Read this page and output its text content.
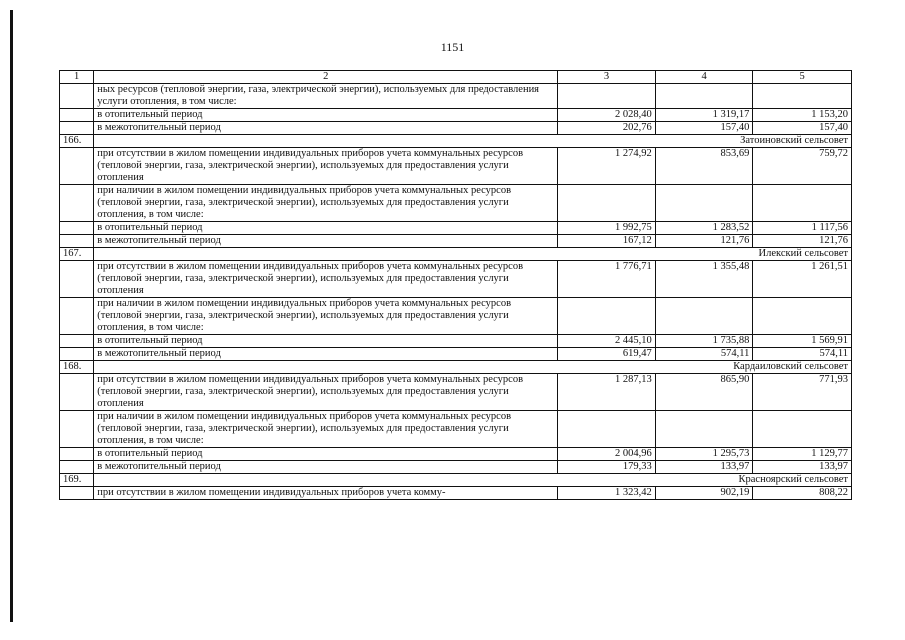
1151
1	2	3	4	5
	ных ресурсов (тепловой энергии, газа, электрической энергии), используемых для предоставления услуги отопления, в том числе:			
	в отопительный период	2 028,40	1 319,17	1 153,20
	в межотопительный период	202,76	157,40	157,40
166.	Затоиновский сельсовет			
	при отсутствии в жилом помещении индивидуальных приборов учета коммунальных ресурсов (тепловой энергии, газа, электрической энергии), используемых для предоставления услуги отопления	1 274,92	853,69	759,72
	при наличии в жилом помещении индивидуальных приборов учета коммунальных ресурсов (тепловой энергии, газа, электрической энергии), используемых для предоставления услуги отопления, в том числе:			
	в отопительный период	1 992,75	1 283,52	1 117,56
	в межотопительный период	167,12	121,76	121,76
167.	Илекский сельсовет			
	при отсутствии в жилом помещении индивидуальных приборов учета коммунальных ресурсов (тепловой энергии, газа, электрической энергии), используемых для предоставления услуги отопления	1 776,71	1 355,48	1 261,51
	при наличии в жилом помещении индивидуальных приборов учета коммунальных ресурсов (тепловой энергии, газа, электрической энергии), используемых для предоставления услуги отопления, в том числе:			
	в отопительный период	2 445,10	1 735,88	1 569,91
	в межотопительный период	619,47	574,11	574,11
168.	Кардаиловский сельсовет			
	при отсутствии в жилом помещении индивидуальных приборов учета коммунальных ресурсов (тепловой энергии, газа, электрической энергии), используемых для предоставления услуги отопления	1 287,13	865,90	771,93
	при наличии в жилом помещении индивидуальных приборов учета коммунальных ресурсов (тепловой энергии, газа, электрической энергии), используемых для предоставления услуги отопления, в том числе:			
	в отопительный период	2 004,96	1 295,73	1 129,77
	в межотопительный период	179,33	133,97	133,97
169.	Красноярский сельсовет			
	при отсутствии в жилом помещении индивидуальных приборов учета комму-	1 323,42	902,19	808,22
